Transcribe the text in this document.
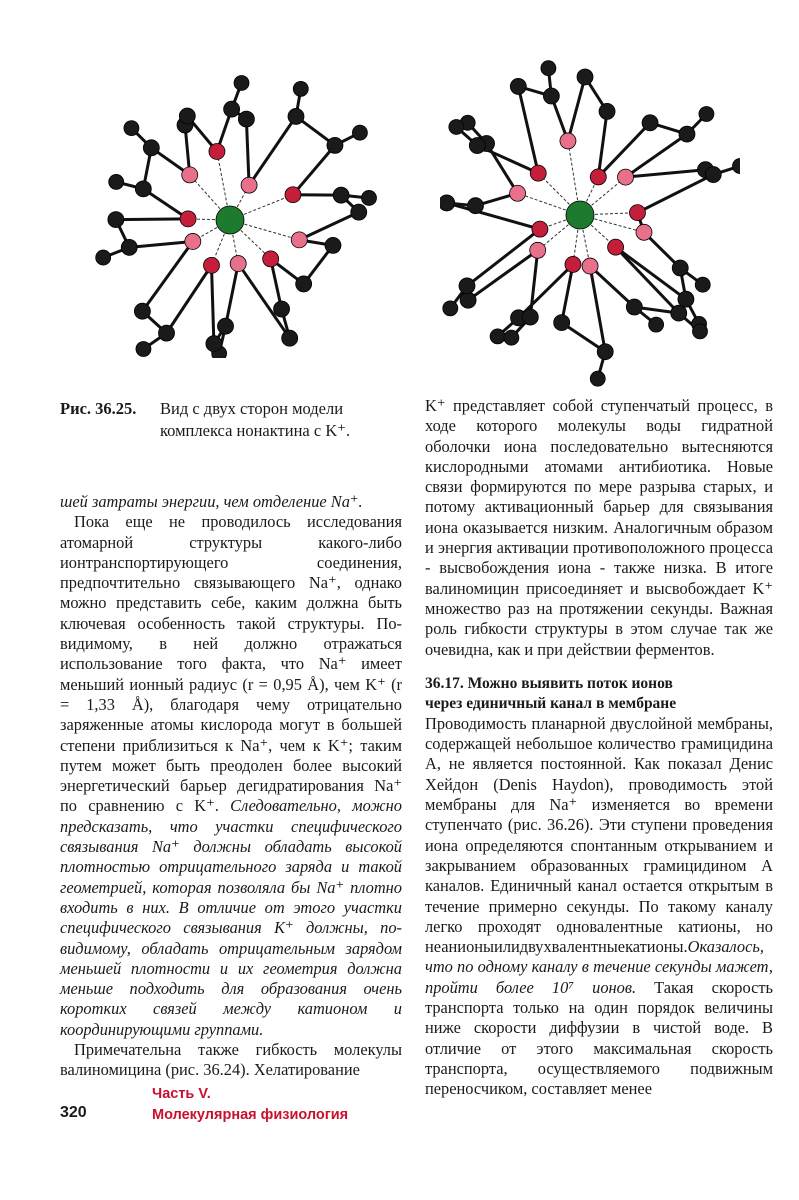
Рис. 36.25. Вид с двух сторон модели комплекса нонактина с K⁺.

шей затраты энергии, чем отделение Na⁺.

Пока еще не проводилось исследования атомарной структуры какого-либо ионтранспортирующего соединения, предпочтительно связывающего Na⁺, однако можно представить себе, каким должна быть ключевая особенность такой структуры. По-видимому, в ней должно отражаться использование того факта, что Na⁺ имеет меньший ионный радиус (r = 0,95 Å), чем K⁺ (r = 1,33 Å), благодаря чему отрицательно заряженные атомы кислорода могут в большей степени приблизиться к Na⁺, чем к K⁺; таким путем может быть преодолен более высокий энергетический барьер дегидратирования Na⁺ по сравнению с K⁺. Следовательно, можно предсказать, что участки специфического связывания Na⁺ должны обладать высокой плотностью отрицательного заряда и такой геометрией, которая позволяла бы Na⁺ плотно входить в них. В отличие от этого участки специфического связывания K⁺ должны, по-видимому, обладать отрицательным зарядом меньшей плотности и их геометрия должна меньше подходить для образования очень коротких связей между катионом и координирующими группами.

Примечательна также гибкость молекулы валиномицина (рис. 36.24). Хелатирование

K⁺ представляет собой ступенчатый процесс, в ходе которого молекулы воды гидратной оболочки иона последовательно вытесняются кислородными атомами антибиотика. Новые связи формируются по мере разрыва старых, и потому активационный барьер для связывания иона оказывается низким. Аналогичным образом и энергия активации противоположного процесса - высвобождения иона - также низка. В итоге валиномицин присоединяет и высвобождает K⁺ множество раз на протяжении секунды. Важная роль гибкости структуры в этом случае так же очевидна, как и при действии ферментов.

36.17. Можно выявить поток ионов
через единичный канал в мембране

Проводимость планарной двуслойной мембраны, содержащей небольшое количество грамицидина А, не является постоянной. Как показал Денис Хейдон (Denis Haydon), проводимость этой мембраны для Na⁺ изменяется во времени ступенчато (рис. 36.26). Эти ступени проведения иона определяются спонтанным открыванием и закрыванием образованных грамицидином А каналов. Единичный канал остается открытым в течение примерно секунды. По такому каналу легко проходят одновалентные катионы, но неанионыилидвухвалентныекатионы.Оказалось, что по одному каналу в течение секунды мажет, пройти более 10⁷ ионов. Такая скорость транспорта только на один порядок величины ниже скорости диффузии в чистой воде. В отличие от этого максимальная скорость транспорта, осуществляемого подвижным переносчиком, составляет менее

320
Часть V.
Молекулярная физиология
